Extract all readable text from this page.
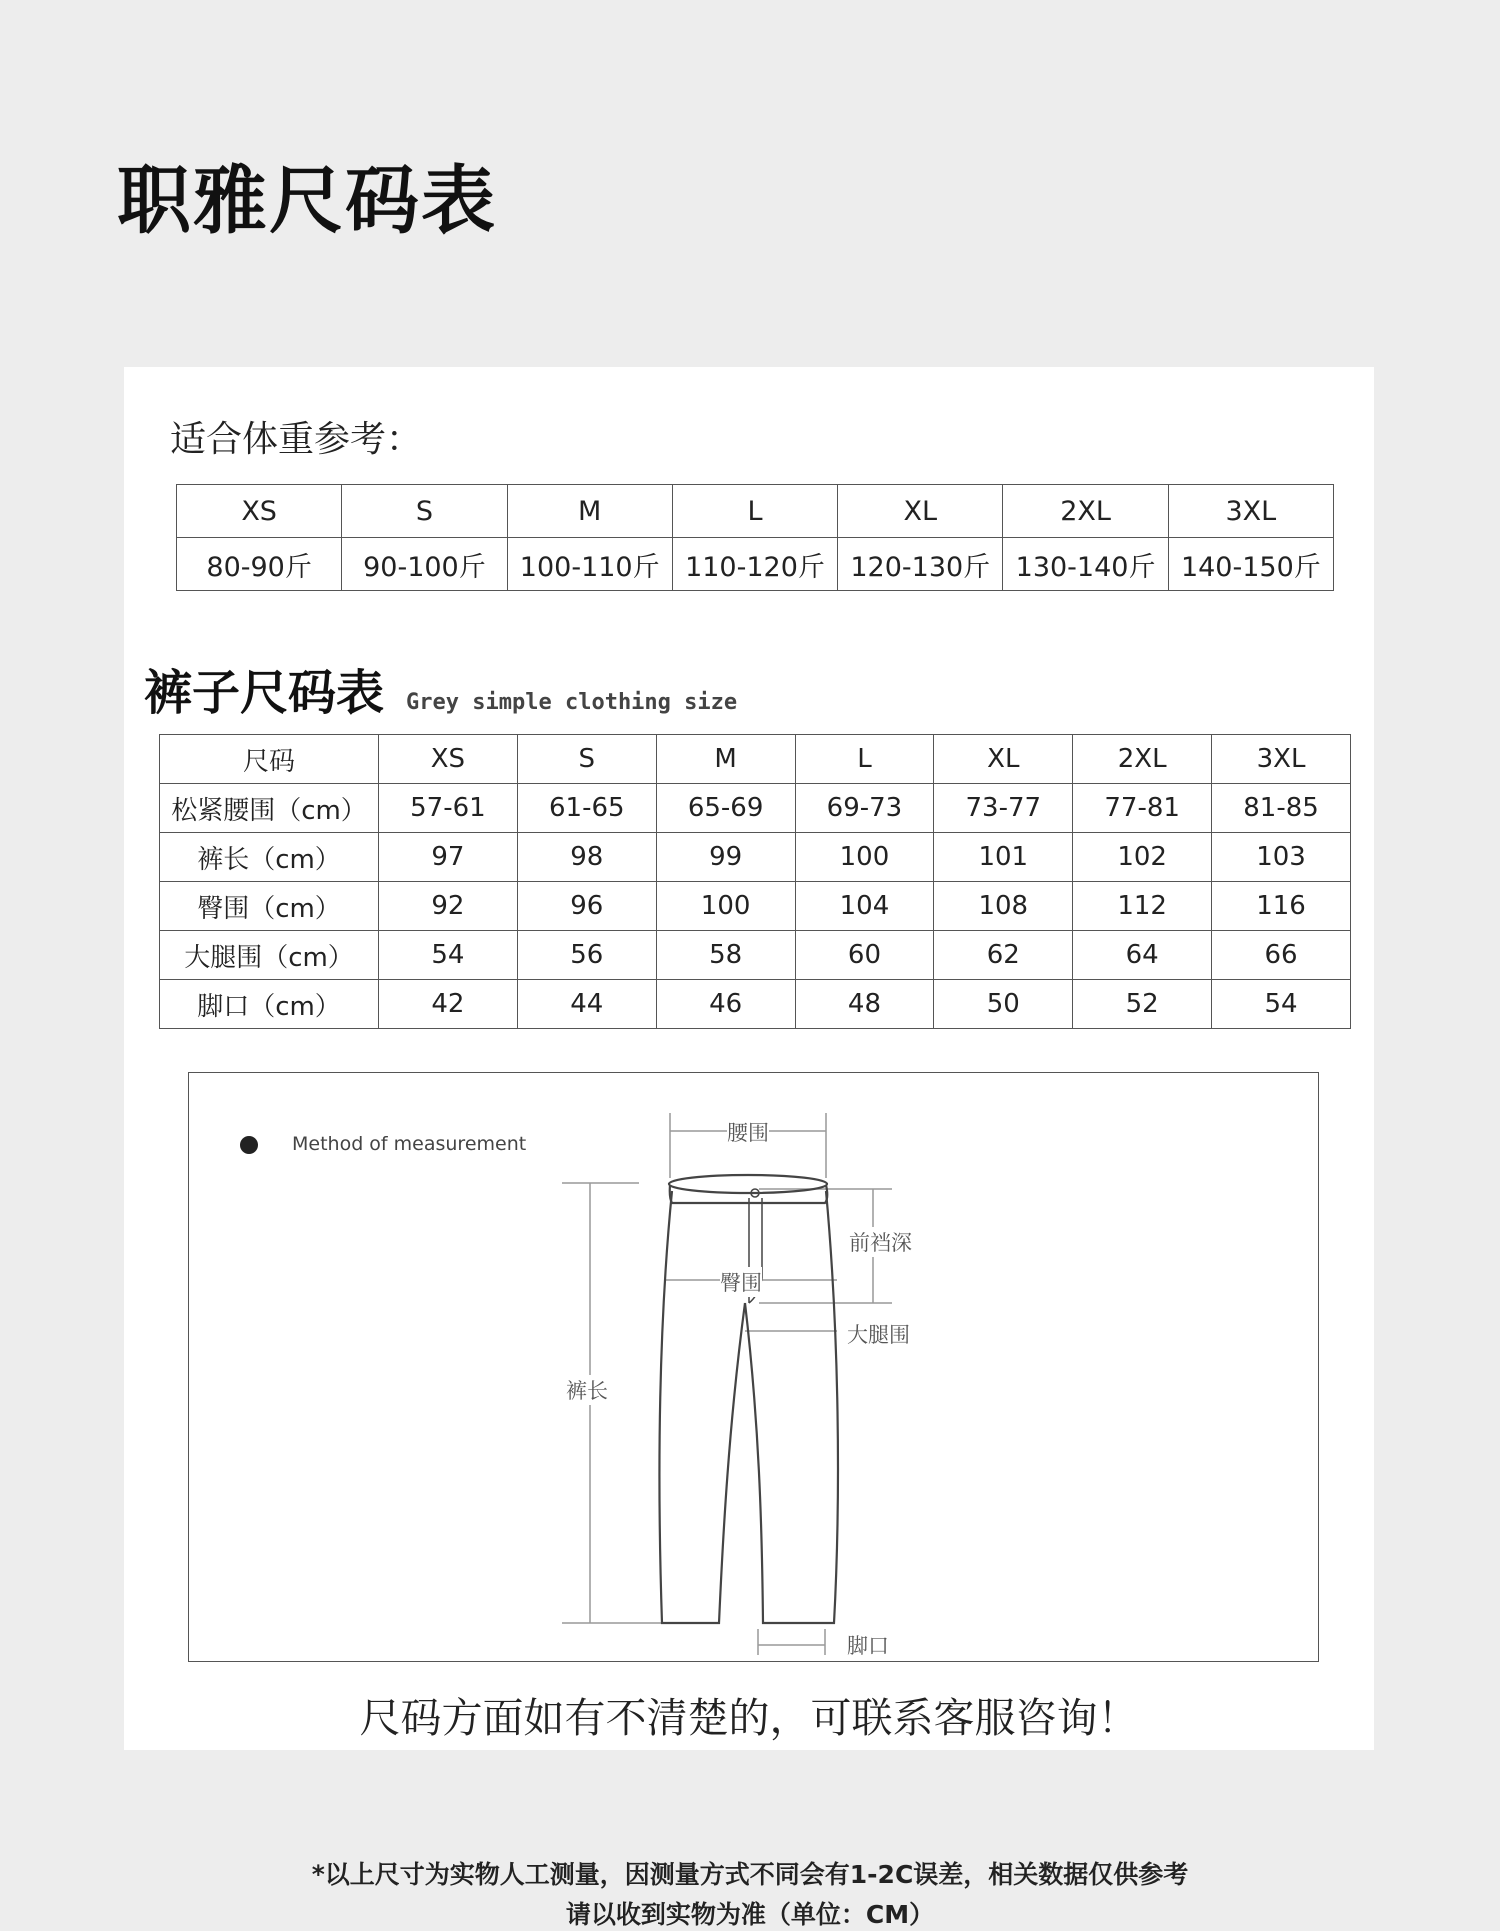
职雅尺码表
适合体重参考：
XS	S	M	L	XL	2XL	3XL
80-90斤	90-100斤	100-110斤	110-120斤	120-130斤	130-140斤	140-150斤
裤子尺码表 Grey simple clothing size
尺码	XS	S	M	L	XL	2XL	3XL
松紧腰围（cm）	57-61	61-65	65-69	69-73	73-77	77-81	81-85
裤长（cm）	97	98	99	100	101	102	103
臀围（cm）	92	96	100	104	108	112	116
大腿围（cm）	54	56	58	60	62	64	66
脚口（cm）	42	44	46	48	50	52	54
Method of measurement	腰围
前裆深
臀围
大腿围
裤长
脚口
尺码方面如有不清楚的，可联系客服咨询！
*以上尺寸为实物人工测量，因测量方式不同会有1-2C误差，相关数据仅供参考
请以收到实物为准（单位：CM）
